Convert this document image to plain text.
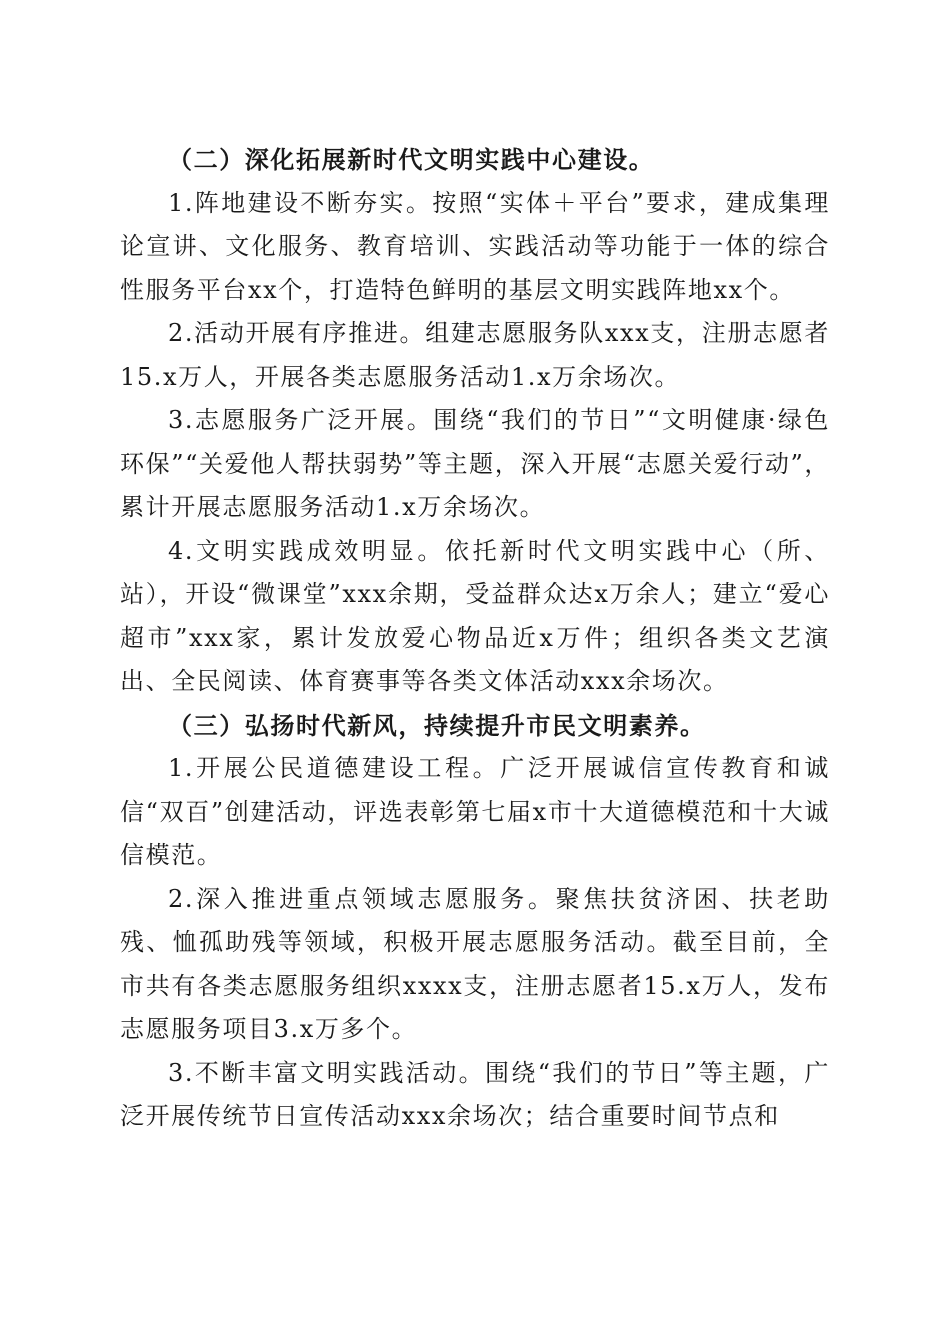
（二）深化拓展新时代文明实践中心建设。

1.阵地建设不断夯实。按照“实体＋平台”要求，建成集理论宣讲、文化服务、教育培训、实践活动等功能于一体的综合性服务平台xx个，打造特色鲜明的基层文明实践阵地xx个。

2.活动开展有序推进。组建志愿服务队xxx支，注册志愿者15.x万人，开展各类志愿服务活动1.x万余场次。

3.志愿服务广泛开展。围绕“我们的节日”“文明健康·绿色环保”“关爱他人帮扶弱势”等主题，深入开展“志愿关爱行动”，累计开展志愿服务活动1.x万余场次。

4.文明实践成效明显。依托新时代文明实践中心（所、站），开设“微课堂”xxx余期，受益群众达x万余人；建立“爱心超市”xxx家，累计发放爱心物品近x万件；组织各类文艺演出、全民阅读、体育赛事等各类文体活动xxx余场次。

（三）弘扬时代新风，持续提升市民文明素养。

1.开展公民道德建设工程。广泛开展诚信宣传教育和诚信“双百”创建活动，评选表彰第七届x市十大道德模范和十大诚信模范。

2.深入推进重点领域志愿服务。聚焦扶贫济困、扶老助残、恤孤助残等领域，积极开展志愿服务活动。截至目前，全市共有各类志愿服务组织xxxx支，注册志愿者15.x万人，发布志愿服务项目3.x万多个。

3.不断丰富文明实践活动。围绕“我们的节日”等主题，广泛开展传统节日宣传活动xxx余场次；结合重要时间节点和
